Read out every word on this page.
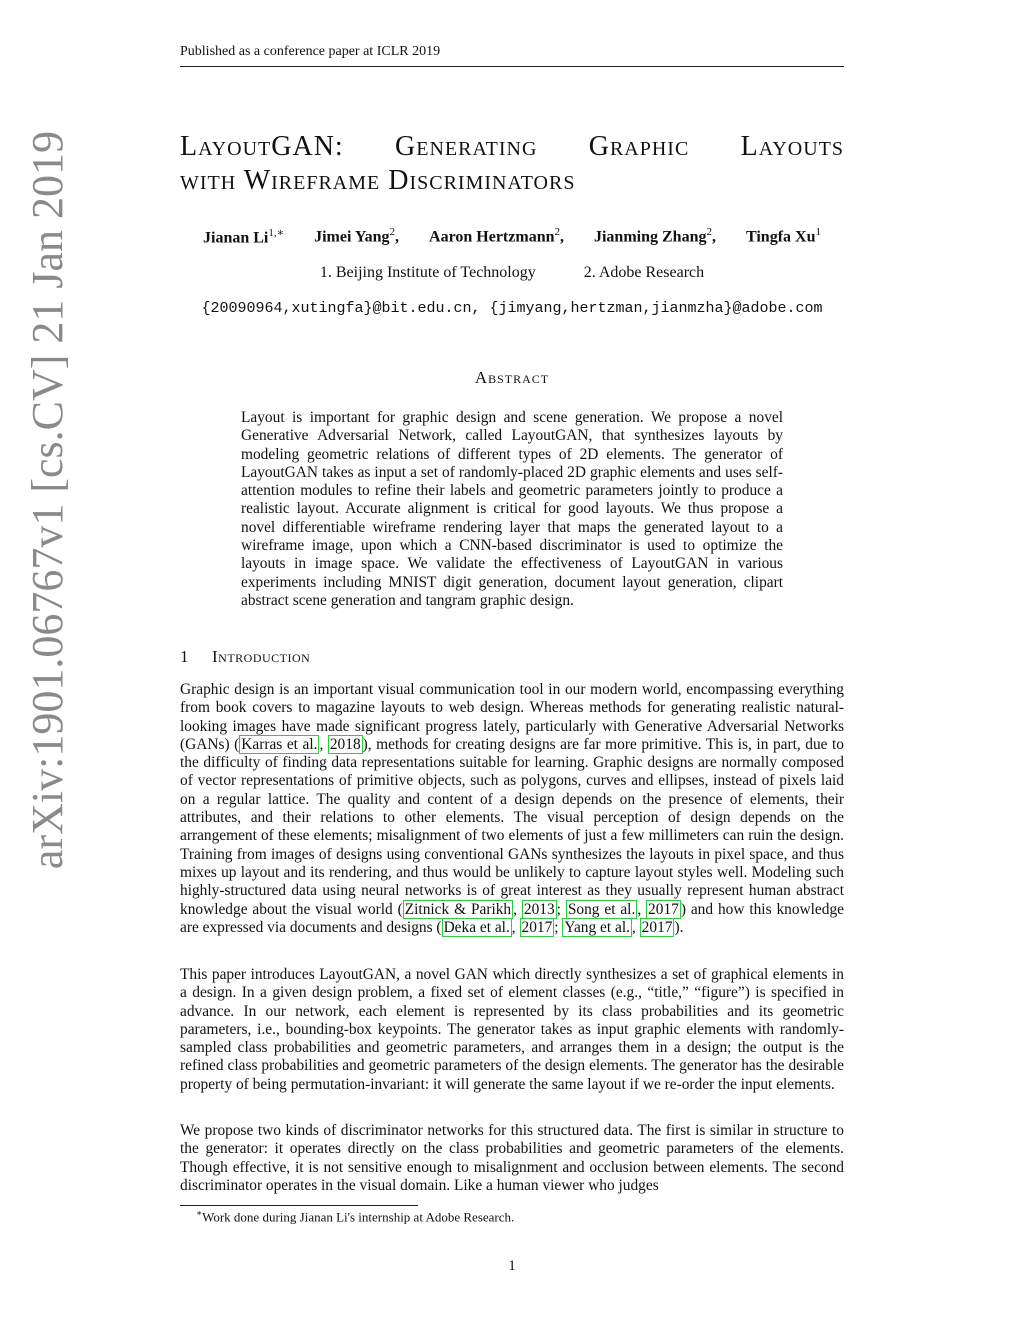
Published as a conference paper at ICLR 2019
arXiv:1901.06767v1 [cs.CV] 21 Jan 2019	LayoutGAN: Generating Graphic Layouts
with Wireframe Discriminators
Jianan $Li^{1,∗}$ Jimei Yang$^2$, Aaron Hertzmann$^2$, Jianming Zhang$^2$, Tingfa Xu$^1$
1. Beijing Institute of Technology	2. Adobe Research
{20090964,xutingfa}@bit.edu.cn, {jimyang,hertzman,jianmzha}@adobe.com
Abstract

Layout is important for graphic design and scene generation. We propose a novel Generative Adversarial Network, called LayoutGAN, that synthesizes layouts by modeling geometric relations of different types of 2D elements. The generator of LayoutGAN takes as input a set of randomly-placed 2D graphic elements and uses self-attention modules to refine their labels and geometric parameters jointly to produce a realistic layout. Accurate alignment is critical for good layouts. We thus propose a novel differentiable wireframe rendering layer that maps the generated layout to a wireframe image, upon which a CNN-based discriminator is used to optimize the layouts in image space. We validate the effectiveness of LayoutGAN in various experiments including MNIST digit generation, document layout generation, clipart abstract scene generation and tangram graphic design.

1 Introduction

Graphic design is an important visual communication tool in our modern world, encompassing everything from book covers to magazine layouts to web design. Whereas methods for generating realistic natural-looking images have made significant progress lately, particularly with Generative Adversarial Networks (GANs) ( Karras et al. , 2018 ), methods for creating designs are far more primitive. This is, in part, due to the difficulty of finding data representations suitable for learning. Graphic designs are normally composed of vector representations of primitive objects, such as polygons, curves and ellipses, instead of pixels laid on a regular lattice. The quality and content of a design depends on the presence of elements, their attributes, and their relations to other elements. The visual perception of design depends on the arrangement of these elements; misalignment of two elements of just a few millimeters can ruin the design. Training from images of designs using conventional GANs synthesizes the layouts in pixel space, and thus mixes up layout and its rendering, and thus would be unlikely to capture layout styles well. Modeling such highly-structured data using neural networks is of great interest as they usually represent human abstract knowledge about the visual world ( Zitnick & Parikh , 2013 ; Song et al. , 2017 ) and how this knowledge are expressed via documents and designs ( Deka et al. , 2017 ; Yang et al. , 2017 ).

This paper introduces LayoutGAN, a novel GAN which directly synthesizes a set of graphical elements in a design. In a given design problem, a fixed set of element classes (e.g., “title,” “figure”) is specified in advance. In our network, each element is represented by its class probabilities and its geometric parameters, i.e., bounding-box keypoints. The generator takes as input graphic elements with randomly-sampled class probabilities and geometric parameters, and arranges them in a design; the output is the refined class probabilities and geometric parameters of the design elements. The generator has the desirable property of being permutation-invariant: it will generate the same layout if we re-order the input elements.

We propose two kinds of discriminator networks for this structured data. The first is similar in structure to the generator: it operates directly on the class probabilities and geometric parameters of the elements. Though effective, it is not sensitive enough to misalignment and occlusion between elements. The second discriminator operates in the visual domain. Like a human viewer who judges

∗Work done during Jianan Li's internship at Adobe Research.
1
